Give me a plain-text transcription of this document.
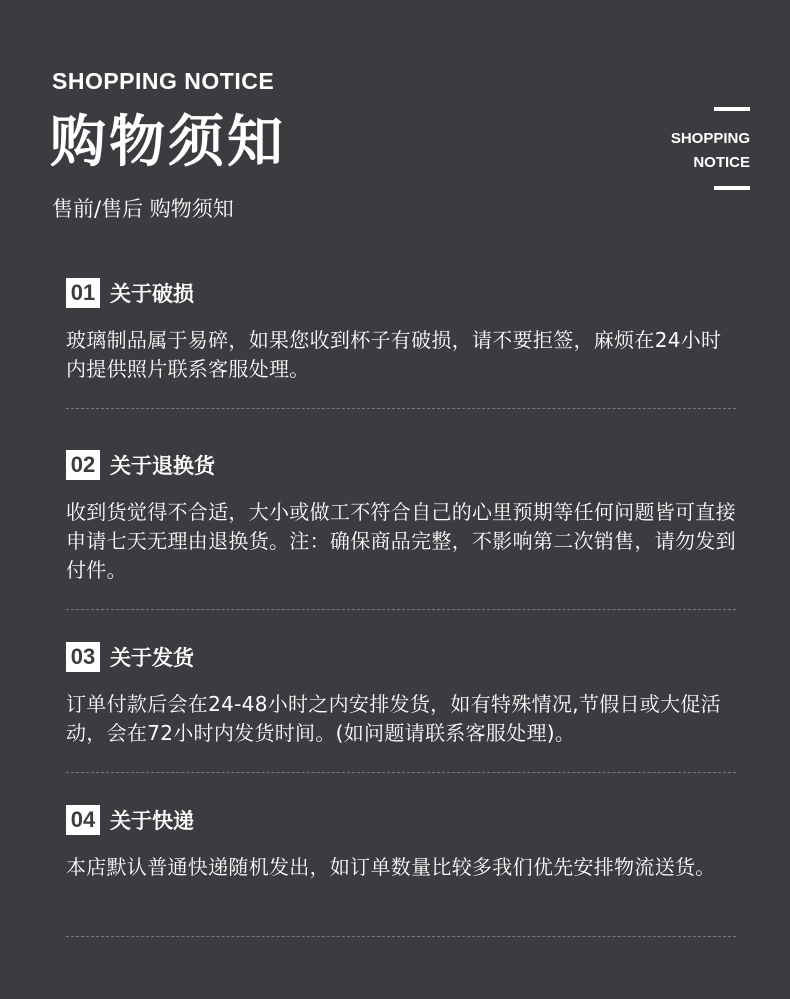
SHOPPING NOTICE
购物须知
售前/售后 购物须知
SHOPPING
NOTICE
01 关于破损
玻璃制品属于易碎，如果您收到杯子有破损，请不要拒签，麻烦在24小时内提供照片联系客服处理。
02 关于退换货
收到货觉得不合适，大小或做工不符合自己的心里预期等任何问题皆可直接申请七天无理由退换货。注：确保商品完整，不影响第二次销售，请勿发到付件。
03 关于发货
订单付款后会在24-48小时之内安排发货，如有特殊情况,节假日或大促活动，会在72小时内发货时间。(如问题请联系客服处理)。
04 关于快递
本店默认普通快递随机发出，如订单数量比较多我们优先安排物流送货。
